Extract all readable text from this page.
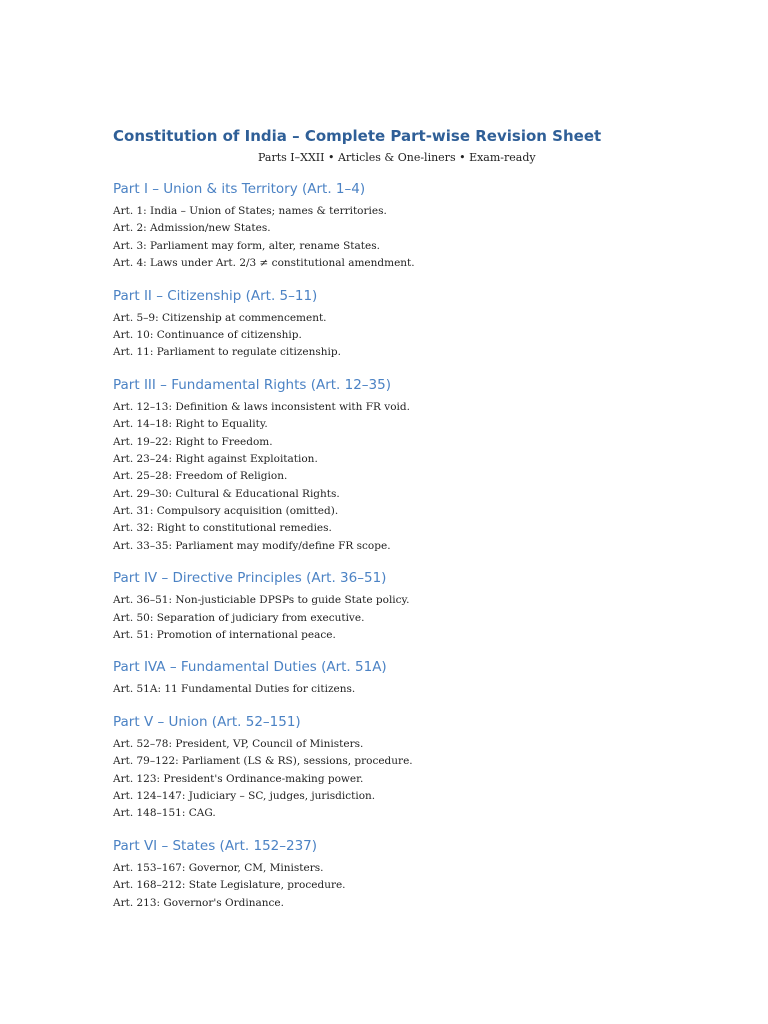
Constitution of India – Complete Part-wise Revision Sheet
Parts I–XXII • Articles & One-liners • Exam-ready
Part I – Union & its Territory (Art. 1–4)
Art. 1: India – Union of States; names & territories.
Art. 2: Admission/new States.
Art. 3: Parliament may form, alter, rename States.
Art. 4: Laws under Art. 2/3 ≠ constitutional amendment.
Part II – Citizenship (Art. 5–11)
Art. 5–9: Citizenship at commencement.
Art. 10: Continuance of citizenship.
Art. 11: Parliament to regulate citizenship.
Part III – Fundamental Rights (Art. 12–35)
Art. 12–13: Definition & laws inconsistent with FR void.
Art. 14–18: Right to Equality.
Art. 19–22: Right to Freedom.
Art. 23–24: Right against Exploitation.
Art. 25–28: Freedom of Religion.
Art. 29–30: Cultural & Educational Rights.
Art. 31: Compulsory acquisition (omitted).
Art. 32: Right to constitutional remedies.
Art. 33–35: Parliament may modify/define FR scope.
Part IV – Directive Principles (Art. 36–51)
Art. 36–51: Non-justiciable DPSPs to guide State policy.
Art. 50: Separation of judiciary from executive.
Art. 51: Promotion of international peace.
Part IVA – Fundamental Duties (Art. 51A)
Art. 51A: 11 Fundamental Duties for citizens.
Part V – Union (Art. 52–151)
Art. 52–78: President, VP, Council of Ministers.
Art. 79–122: Parliament (LS & RS), sessions, procedure.
Art. 123: President's Ordinance-making power.
Art. 124–147: Judiciary – SC, judges, jurisdiction.
Art. 148–151: CAG.
Part VI – States (Art. 152–237)
Art. 153–167: Governor, CM, Ministers.
Art. 168–212: State Legislature, procedure.
Art. 213: Governor's Ordinance.
